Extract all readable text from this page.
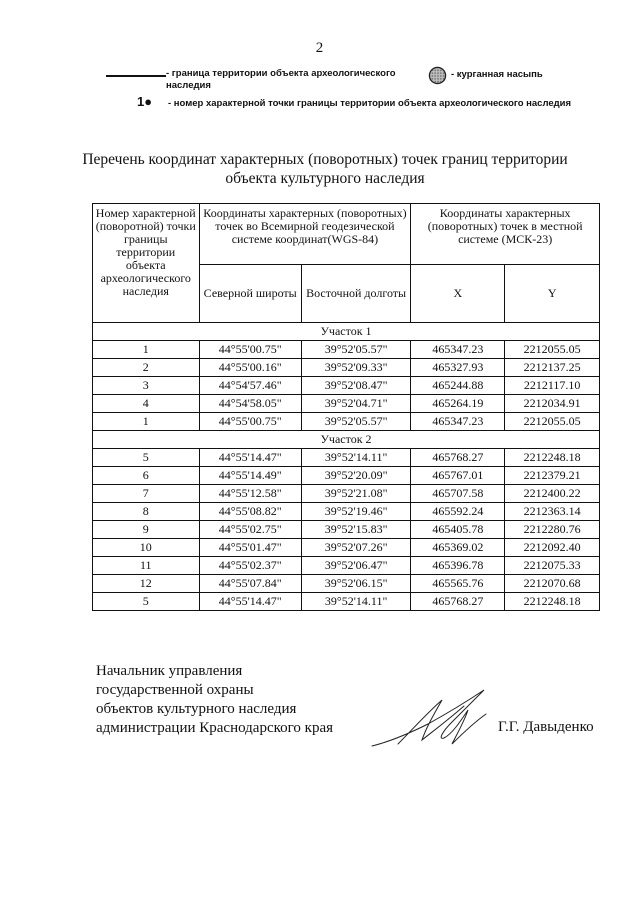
2
- граница территории объекта археологического наследия
- курганная насыпь
1● - номер характерной точки границы территории объекта археологического наследия
Перечень координат характерных (поворотных) точек границ территории объекта культурного наследия
Номер характерной (поворотной) точки границы территории объекта археологического наследия	Координаты характерных (поворотных) точек во Всемирной геодезической системе координат(WGS-84)		Координаты характерных (поворотных) точек в местной системе (МСК-23)	
	Северной широты	Восточной долготы	X	Y
Участок 1				
1	44°55'00.75"	39°52'05.57"	465347.23	2212055.05
2	44°55'00.16"	39°52'09.33"	465327.93	2212137.25
3	44°54'57.46"	39°52'08.47"	465244.88	2212117.10
4	44°54'58.05"	39°52'04.71"	465264.19	2212034.91
1	44°55'00.75"	39°52'05.57"	465347.23	2212055.05
Участок 2				
5	44°55'14.47"	39°52'14.11"	465768.27	2212248.18
6	44°55'14.49"	39°52'20.09"	465767.01	2212379.21
7	44°55'12.58"	39°52'21.08"	465707.58	2212400.22
8	44°55'08.82"	39°52'19.46"	465592.24	2212363.14
9	44°55'02.75"	39°52'15.83"	465405.78	2212280.76
10	44°55'01.47"	39°52'07.26"	465369.02	2212092.40
11	44°55'02.37"	39°52'06.47"	465396.78	2212075.33
12	44°55'07.84"	39°52'06.15"	465565.76	2212070.68
5	44°55'14.47"	39°52'14.11"	465768.27	2212248.18
Начальник управления
государственной охраны
объектов культурного наследия
администрации Краснодарского края	Г.Г. Давыденко
